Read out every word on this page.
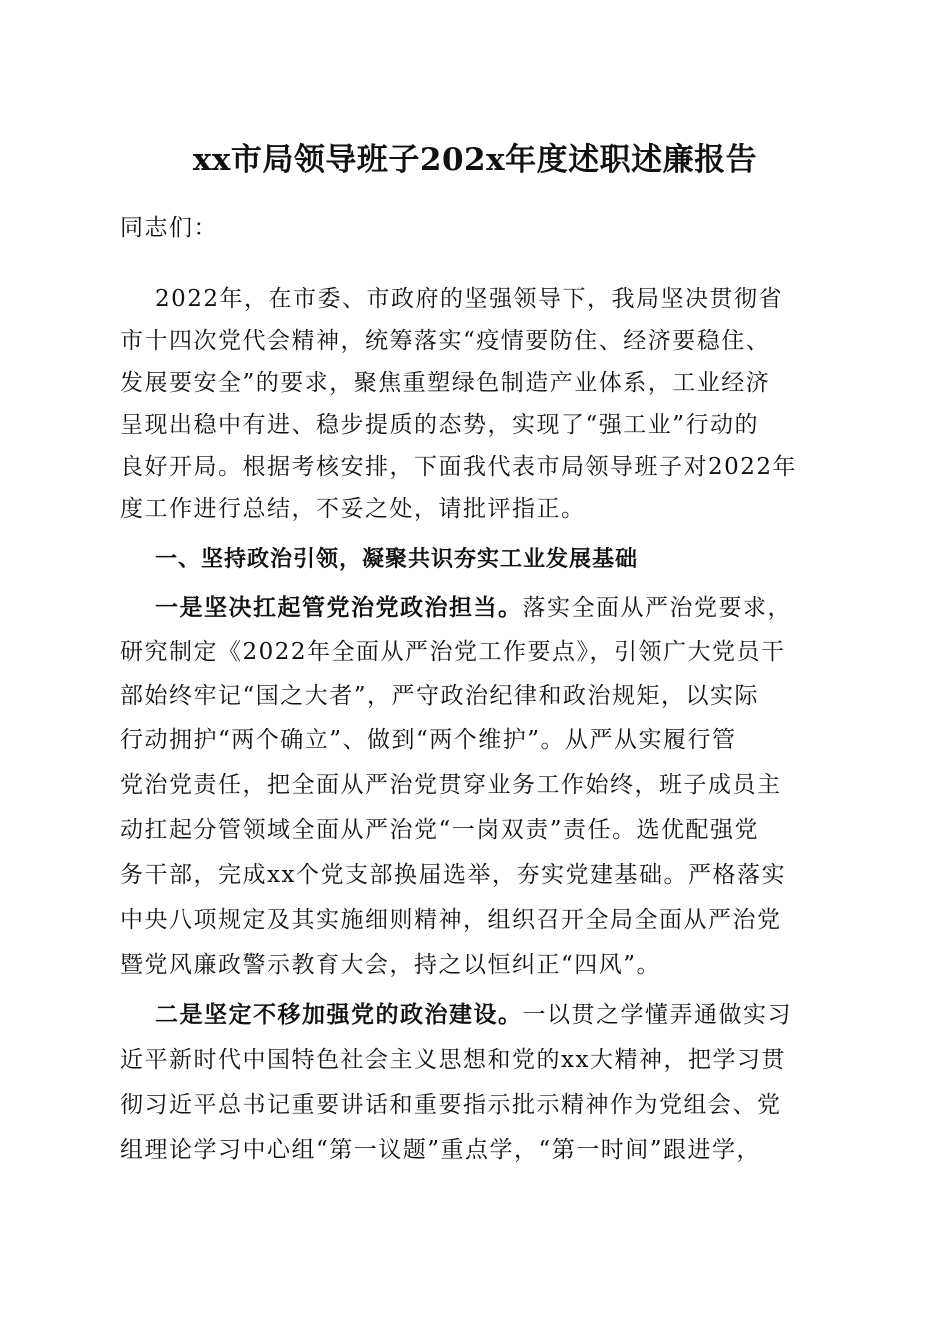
xx市局领导班子202x年度述职述廉报告
同志们：
2022年，在市委、市政府的坚强领导下，我局坚决贯彻省
市十四次党代会精神，统筹落实“疫情要防住、经济要稳住、
发展要安全”的要求，聚焦重塑绿色制造产业体系，工业经济
呈现出稳中有进、稳步提质的态势，实现了“强工业”行动的
良好开局。根据考核安排，下面我代表市局领导班子对2022年
度工作进行总结，不妥之处，请批评指正。
一、坚持政治引领，凝聚共识夯实工业发展基础
一是坚决扛起管党治党政治担当。落实全面从严治党要求，
研究制定《2022年全面从严治党工作要点》，引领广大党员干
部始终牢记“国之大者”，严守政治纪律和政治规矩，以实际
行动拥护“两个确立”、做到“两个维护”。从严从实履行管
党治党责任，把全面从严治党贯穿业务工作始终，班子成员主
动扛起分管领域全面从严治党“一岗双责”责任。选优配强党
务干部，完成xx个党支部换届选举，夯实党建基础。严格落实
中央八项规定及其实施细则精神，组织召开全局全面从严治党
暨党风廉政警示教育大会，持之以恒纠正“四风”。
二是坚定不移加强党的政治建设。一以贯之学懂弄通做实习
近平新时代中国特色社会主义思想和党的xx大精神，把学习贯
彻习近平总书记重要讲话和重要指示批示精神作为党组会、党
组理论学习中心组“第一议题”重点学，“第一时间”跟进学，
